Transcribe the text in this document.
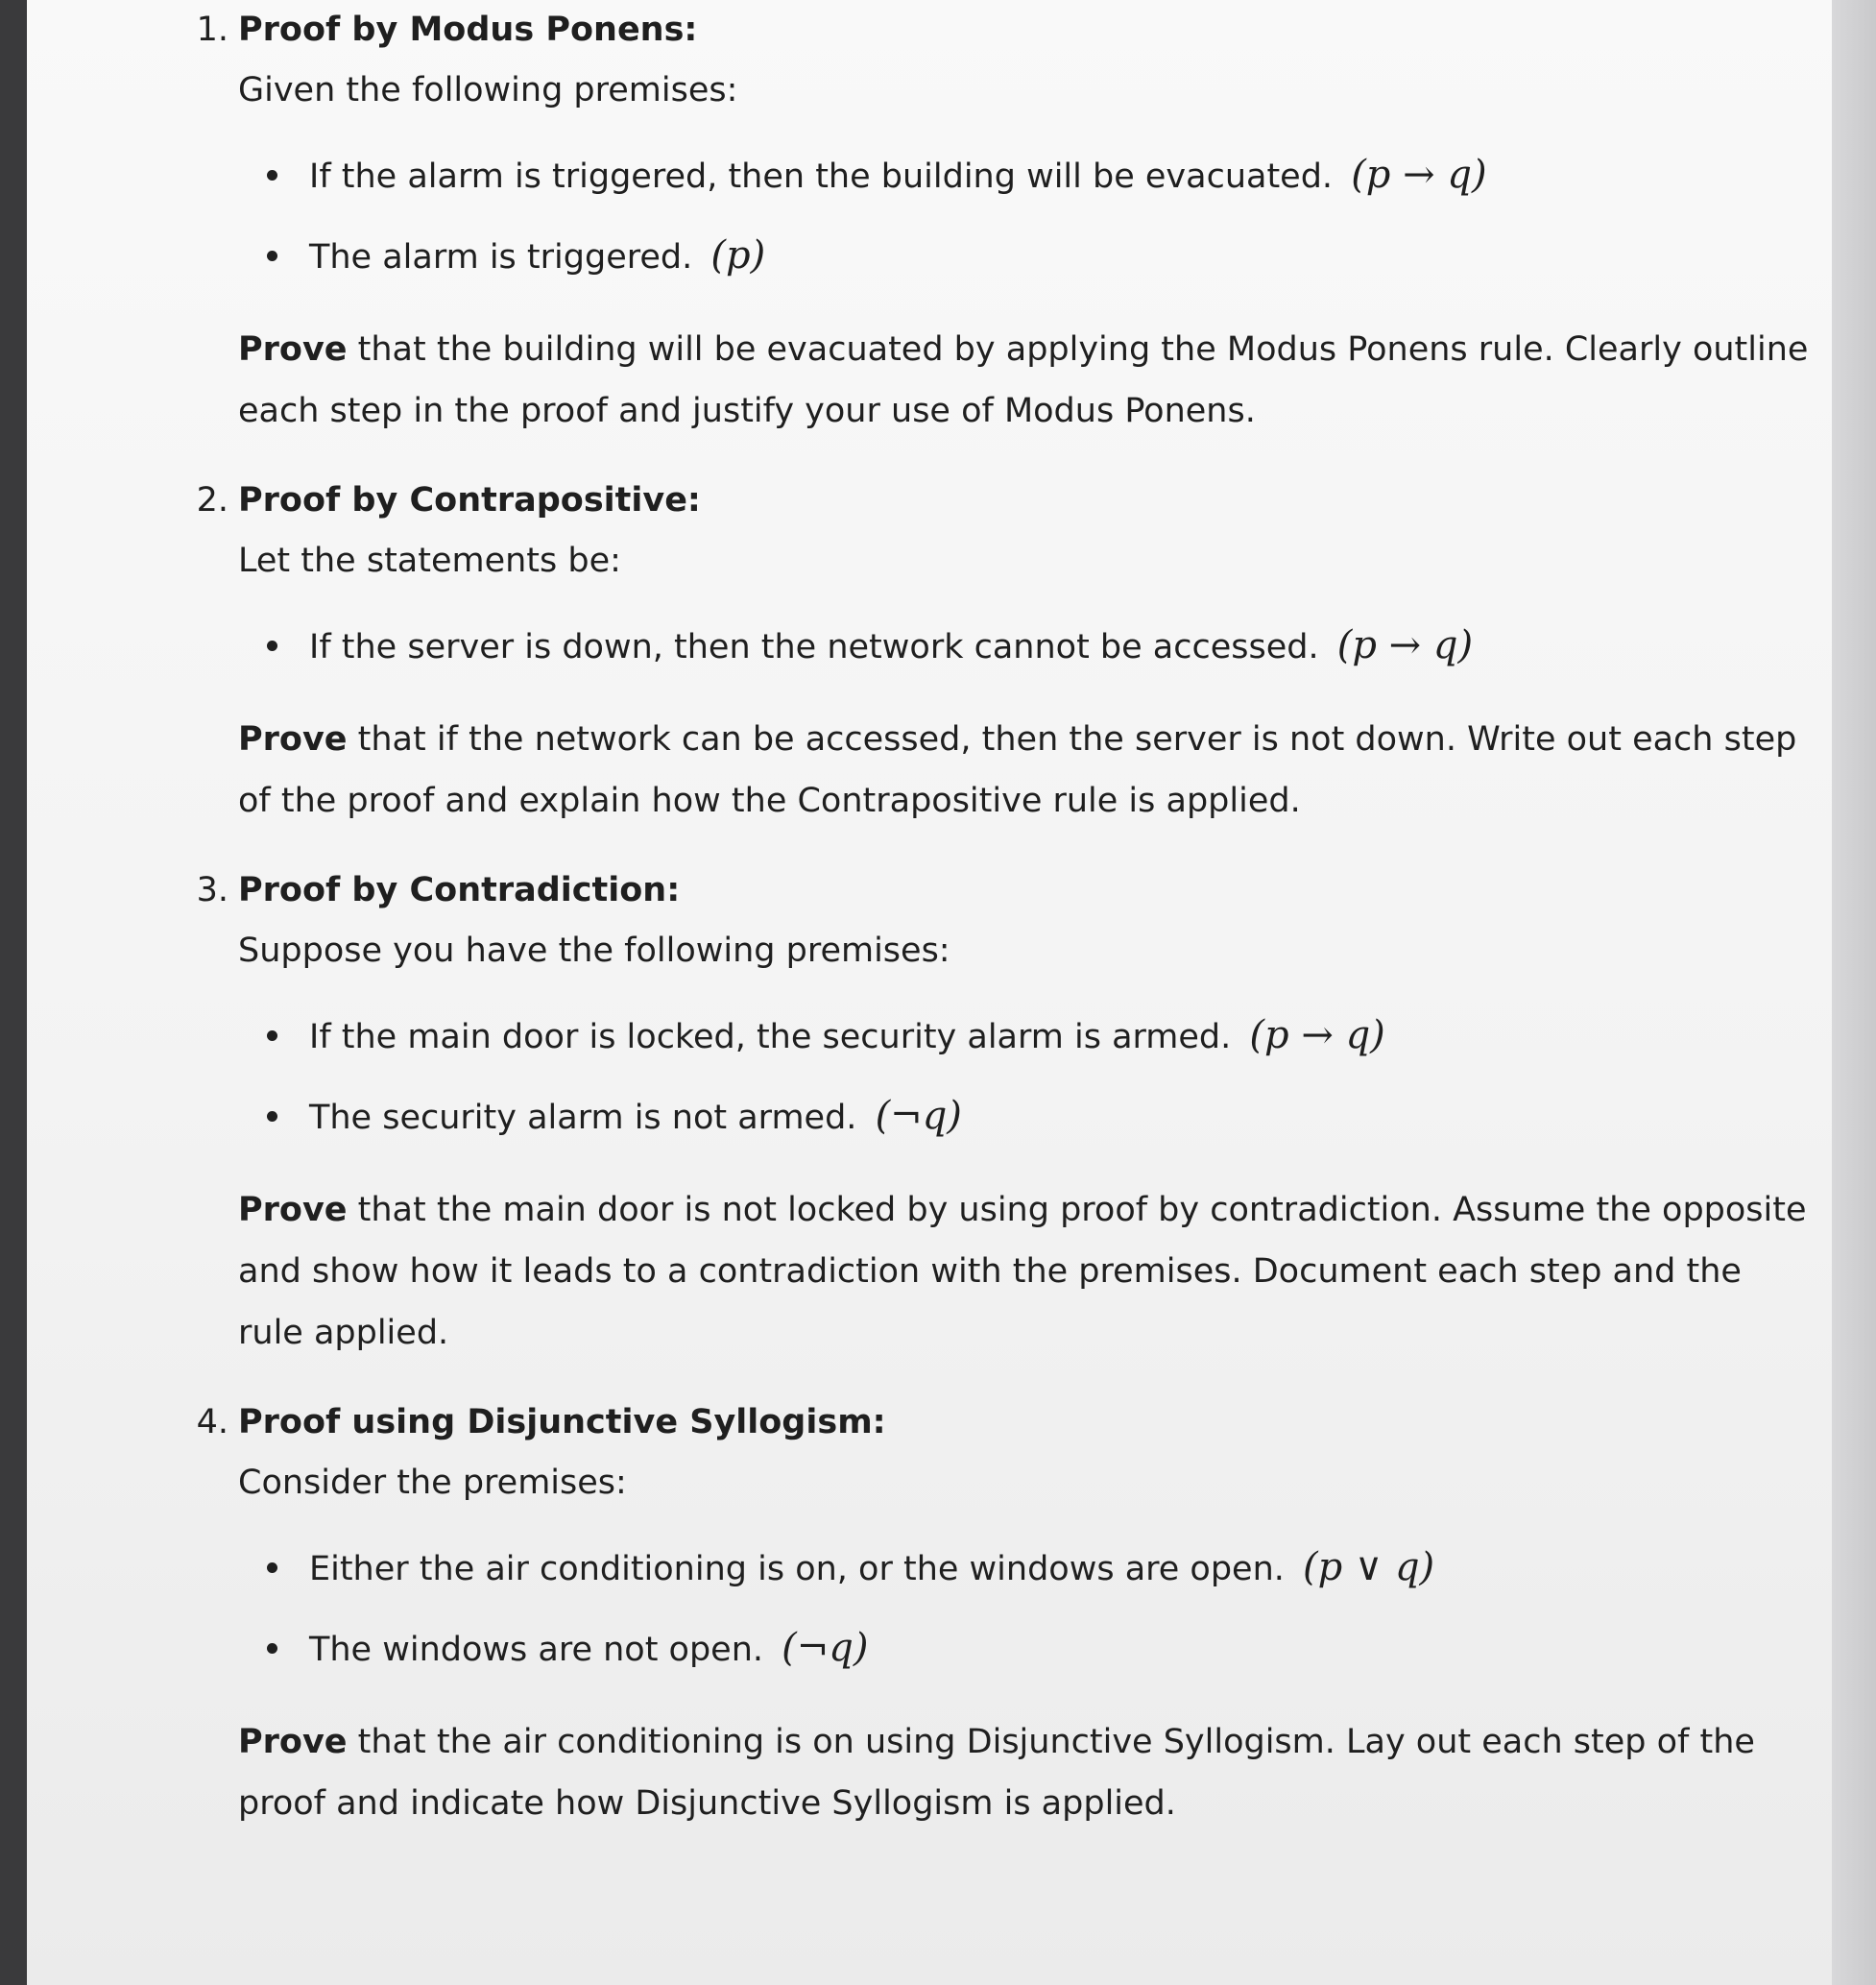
1. Proof by Modus Ponens:

Given the following premises:

If the alarm is triggered, then the building will be evacuated. (p → q)
The alarm is triggered. (p)

Prove that the building will be evacuated by applying the Modus Ponens rule. Clearly outline each step in the proof and justify your use of Modus Ponens.

2. Proof by Contrapositive:

Let the statements be:

If the server is down, then the network cannot be accessed. (p → q)

Prove that if the network can be accessed, then the server is not down. Write out each step of the proof and explain how the Contrapositive rule is applied.

3. Proof by Contradiction:

Suppose you have the following premises:

If the main door is locked, the security alarm is armed. (p → q)
The security alarm is not armed. (¬q)

Prove that the main door is not locked by using proof by contradiction. Assume the opposite and show how it leads to a contradiction with the premises. Document each step and the rule applied.

4. Proof using Disjunctive Syllogism:

Consider the premises:

Either the air conditioning is on, or the windows are open. (p ∨ q)
The windows are not open. (¬q)

Prove that the air conditioning is on using Disjunctive Syllogism. Lay out each step of the proof and indicate how Disjunctive Syllogism is applied.
